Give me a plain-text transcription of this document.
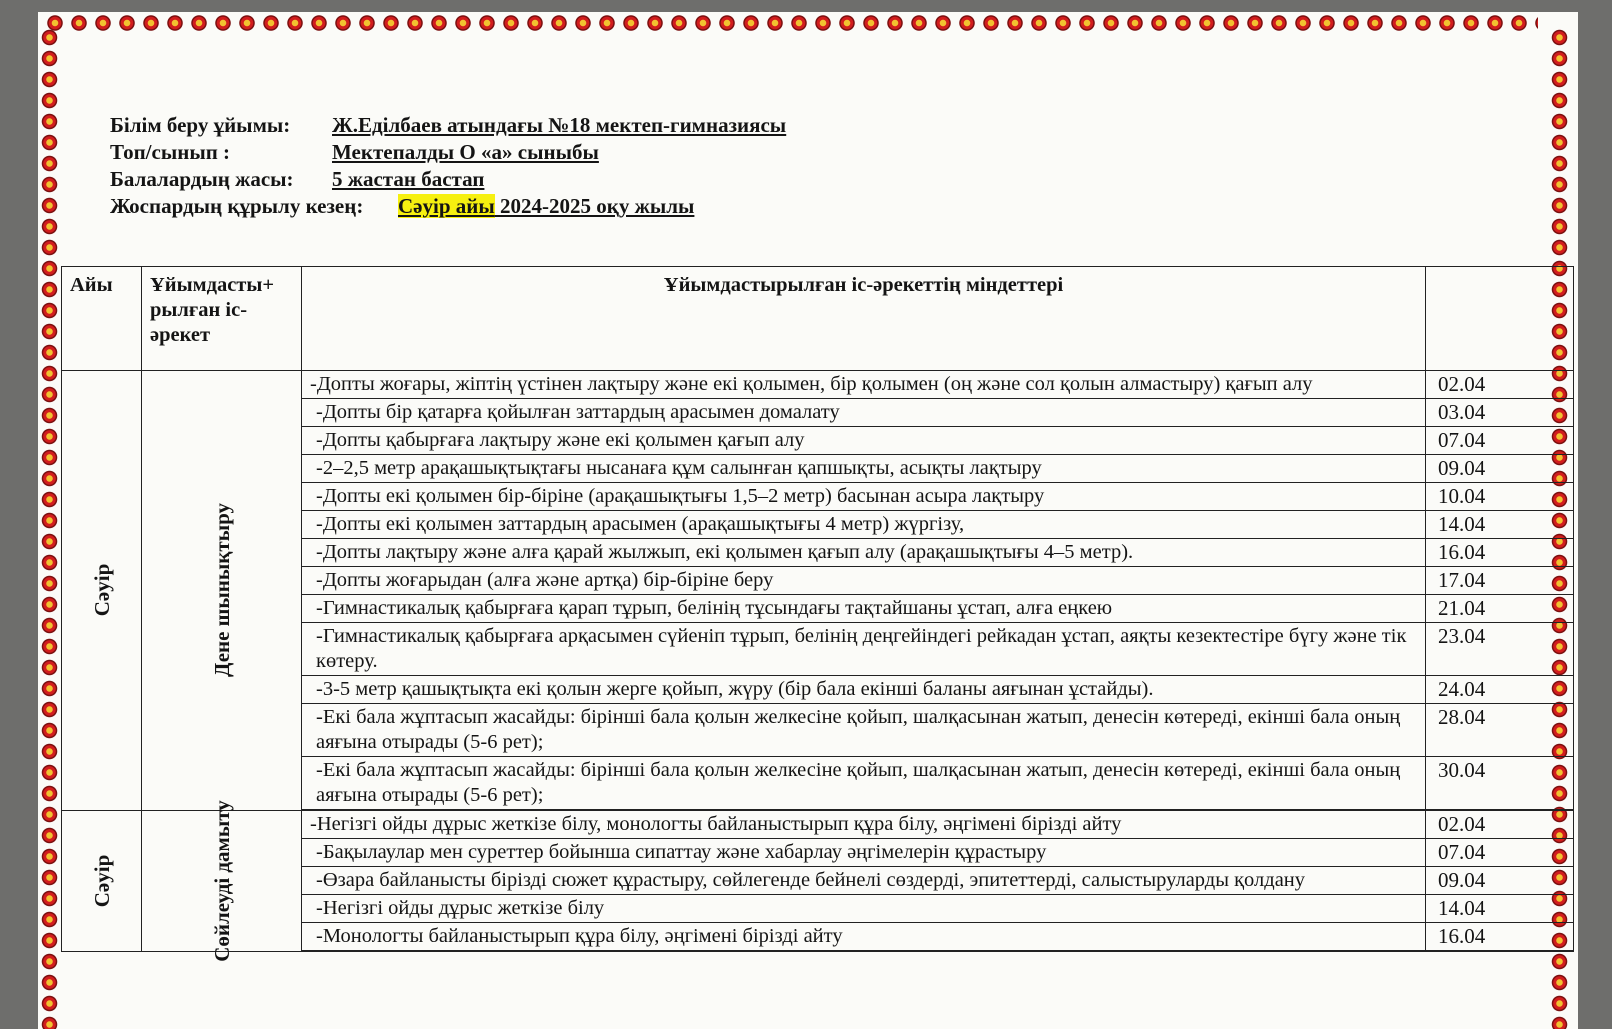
Білім беру ұйымы:	Ж.Еділбаев атындағы №18 мектеп-гимназиясы
Топ/сынып :	Мектепалды О «а» сыныбы
Балалардың жасы:	5 жастан бастап
Жоспардың құрылу кезең:	Сәуір айы 2024-2025 оқу жылы
Айы	Ұйымдасты+ рылған іс-әрекет	Ұйымдастырылған іс-әрекеттің міндеттері	

Сәуір	Дене шынықтыру	-Допты жоғары, жіптің үстінен лақтыру және екі қолымен, бір қолымен (оң және сол қолын алмастыру) қағып алу	02.04
		-Допты бір қатарға қойылған заттардың арасымен домалату	03.04
		-Допты қабырғаға лақтыру және екі қолымен қағып алу	07.04
		-2–2,5 метр арақашықтықтағы нысанаға құм салынған қапшықты, асықты лақтыру	09.04
		-Допты екі қолымен бір-біріне (арақашықтығы 1,5–2 метр) басынан асыра лақтыру	10.04
		-Допты екі қолымен заттардың арасымен (арақашықтығы 4 метр) жүргізу,	14.04
		-Допты лақтыру және алға қарай жылжып, екі қолымен қағып алу (арақашықтығы 4–5 метр).	16.04
		-Допты жоғарыдан (алға және артқа) бір-біріне беру	17.04
		-Гимнастикалық қабырғаға қарап тұрып, белінің тұсындағы тақтайшаны ұстап, алға еңкею	21.04
		-Гимнастикалық қабырғаға арқасымен сүйеніп тұрып, белінің деңгейіндегі рейкадан ұстап, аяқты кезектестіре бүгу және тік көтеру.	23.04
		-3-5 метр қашықтықта екі қолын жерге қойып, жүру (бір бала екінші баланы аяғынан ұстайды).	24.04
		-Екі бала жұптасып жасайды: бірінші бала қолын желкесіне қойып, шалқасынан жатып, денесін көтереді, екінші бала оның аяғына отырады (5-6 рет);	28.04
		-Екі бала жұптасып жасайды: бірінші бала қолын желкесіне қойып, шалқасынан жатып, денесін көтереді, екінші бала оның аяғына отырады (5-6 рет);	30.04

Сәуір	Сөйлеуді дамыту	-Негізгі ойды дұрыс жеткізе білу, монологты байланыстырып құра білу, әңгімені бірізді айту	02.04
		-Бақылаулар мен суреттер бойынша сипаттау және хабарлау әңгімелерін құрастыру	07.04
		-Өзара байланысты бірізді сюжет құрастыру, сөйлегенде бейнелі сөздерді, эпитеттерді, салыстыруларды қолдану	09.04
		-Негізгі ойды дұрыс жеткізе білу	14.04
		-Монологты байланыстырып құра білу, әңгімені бірізді айту	16.04
